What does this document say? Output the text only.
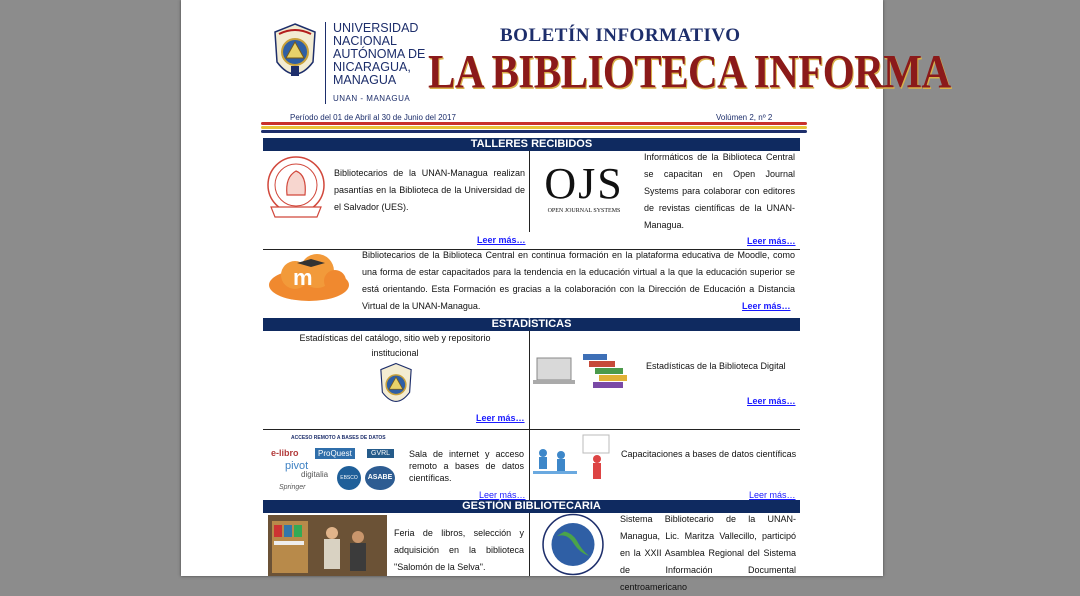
UNIVERSIDAD
NACIONAL
AUTÓNOMA DE
NICARAGUA,
MANAGUA
UNAN - MANAGUA
BOLETÍN INFORMATIVO
LA BIBLIOTECA INFORMA
Período del 01 de Abril al 30 de Junio del 2017	Volúmen 2, nº 2
TALLERES RECIBIDOS
Bibliotecarios de la UNAN-Managua realizan pasantías en la Biblioteca de la Universidad de el Salvador (UES).	OJS
OPEN JOURNAL SYSTEMS
Informáticos de la Biblioteca Central se capacitan en Open Journal Systems para colaborar con editores de revistas científicas de la UNAN-Managua.
Leer más…	Leer más…
m
Bibliotecarios de la Biblioteca Central en continua formación en la plataforma educativa de Moodle, como una forma de estar capacitados para la tendencia en la educación virtual a la que la educación superior se está orientando. Esta Formación es gracias a la colaboración con la Dirección de Educación a Distancia Virtual de la UNAN-Managua.	Leer más…
ESTADÍSTICAS
Estadísticas del catálogo, sitio web y repositorio institucional
Leer más…
Estadísticas de la Biblioteca Digital
Leer más…
ACCESO REMOTO A BASES DE DATOS
e-libro	ProQuest	GVRL
pivot
digitalia	EBSCO	ASABE
Springer
Sala de internet y acceso remoto a bases de datos científicas.
Leer más…
Capacitaciones a bases de datos científicas
Leer más…
GESTIÓN BIBLIOTECARIA
Feria de libros, selección y adquisición en la biblioteca "Salomón de la Selva".
Sistema Bibliotecario de la UNAN-Managua, Lic. Maritza Vallecillo, participó en la XXII Asamblea Regional del Sistema de Información Documental centroamericano
